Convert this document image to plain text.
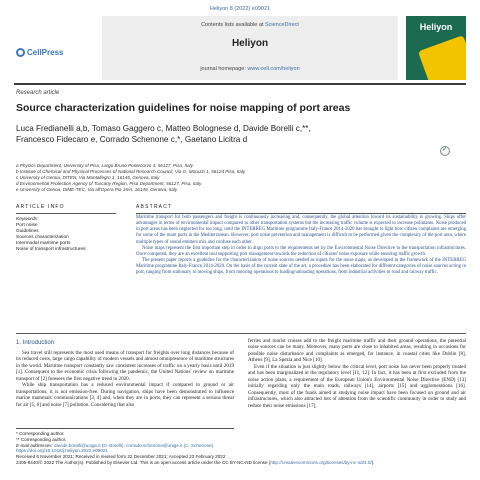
Heliyon 8 (2022) e09021
CellPress
Contents lists available at ScienceDirect
Heliyon
journal homepage: www.cell.com/heliyon
Heliyon
Research article
Source characterization guidelines for noise mapping of port areas
Luca Fredianelli a,b, Tomaso Gaggero c, Matteo Bolognese d, Davide Borelli c,**,
Francesco Fidecaro e, Corrado Schenone c,*, Gaetano Licitra d
✓
a Physics Department, University of Pisa, Largo Bruno Pontecorvo 3, 56127, Pisa, Italy
b Institute of Chemical and Physical Processes of National Research Council, Via G. Moruzzi 1, 56124 Pisa, Italy
c University of Genoa, DITEN, Via Montallegro 1, 16145, Genova, Italy
d Environmental Protection Agency of Tuscany Region, Pisa Department, 56127, Pisa, Italy
e University of Genoa, DIME-TEC, Via all'Opera Pia 15/A, 16145, Genova, Italy
ARTICLE INFO	ABSTRACT
Keywords:
Port noise
Guidelines
Sources characterization
Intermodal maritime ports
Noise of transport infrastructures

Maritime transport for both passengers and freight is continuously increasing and, consequently, the global attention toward its sustainability is growing. Ships offer advantages in terms of environmental impact compared to other transportation systems but the increasing traffic volume is expected to increase pollutants. Noise produced in port areas has been neglected for too long, until the INTERREG Maritime programme Italy-France 2014-2020 has brought to light how citizen complaints are emerging for some of the main ports in the Mediterranean. However, port noise prevention and management is difficult to be performed given the complexity of the port area, where multiple types of sound emitters mix and confuse each other.

Noise maps represent the first important step in order to align ports to the requirements set by the Environmental Noise Directive to the transportation infrastructures. Once computed, they are an excellent tool supporting port management towards the reduction of citizens' noise exposure while ensuring traffic growth.

The present paper reports a guideline for the characterization of noise sources needed as inputs for the noise maps, as developed in the framework of the INTERREG Maritime programme Italy-France 2014-2020. On the basis of the current state of the art, a procedure has been elaborated for different categories of noise sources acting in port, ranging from stationary to moving ships, from mooring operations to loading/unloading operations, from industrial activities to road and railway traffic.

1. Introduction

Sea travel still represents the most used means of transport for freights over long distances because of its reduced costs, large cargo capability of modern vessels and almost omnipresence of maritime structures in the world. Maritime transport constantly saw consistent increases of traffic on a yearly basis until 2019 [1]. Consequent to the economic crisis following the pandemic, the United Nations' review on maritime transport of [2] foresees the first negative trend in 2020.

While ship transportation has a reduced environmental impact if compared to ground or air transportations, it is not emission-free. During navigation, ships have been demonstrated to influence marine mammals' communications [3, 4] and, when they are in ports, they can represent a serious threat for air [5, 6] and noise [7] pollution. Considering that also

ferries and tourist cruises add to the freight maritime traffic and their ground operations, the potential noise sources can be many. Moreover, many ports are close to inhabited areas, resulting in occasions for possible noise disturbance and complaints as emerged, for instance, in coastal cities like Dublin [8], Athens [9], La Spezia and Nice [10].

Even if the situation is just slightly below the critical level, port noise has never been properly treated and has been marginalized at the regulatory level [11, 12]. In fact, it has been at first excluded from the noise action plans, a requirement of the European Union's Environmental Noise Directive (END) [13] initially regarding only the main roads, railways [14], airports [15] and agglomerations [16]. Consequently, most of the funds aimed at studying noise impact have been focused on ground and air infrastructures, which also attracted lots of attention from the scientific community in order to study and reduce their noise emissions [17],

* Corresponding author.
** Corresponding author.
E-mail addresses: davide.borelli@unige.it (D. Borelli), corrado.schenone@unige.it (C. Schenone).
https://doi.org/10.1016/j.heliyon.2022.e09021
Received 6 November 2021; Received in revised form 22 December 2021; Accepted 23 February 2022
2405-8440/© 2022 The Author(s). Published by Elsevier Ltd. This is an open access article under the CC BY-NC-ND license (http://creativecommons.org/licenses/by-nc-nd/4.0/).
